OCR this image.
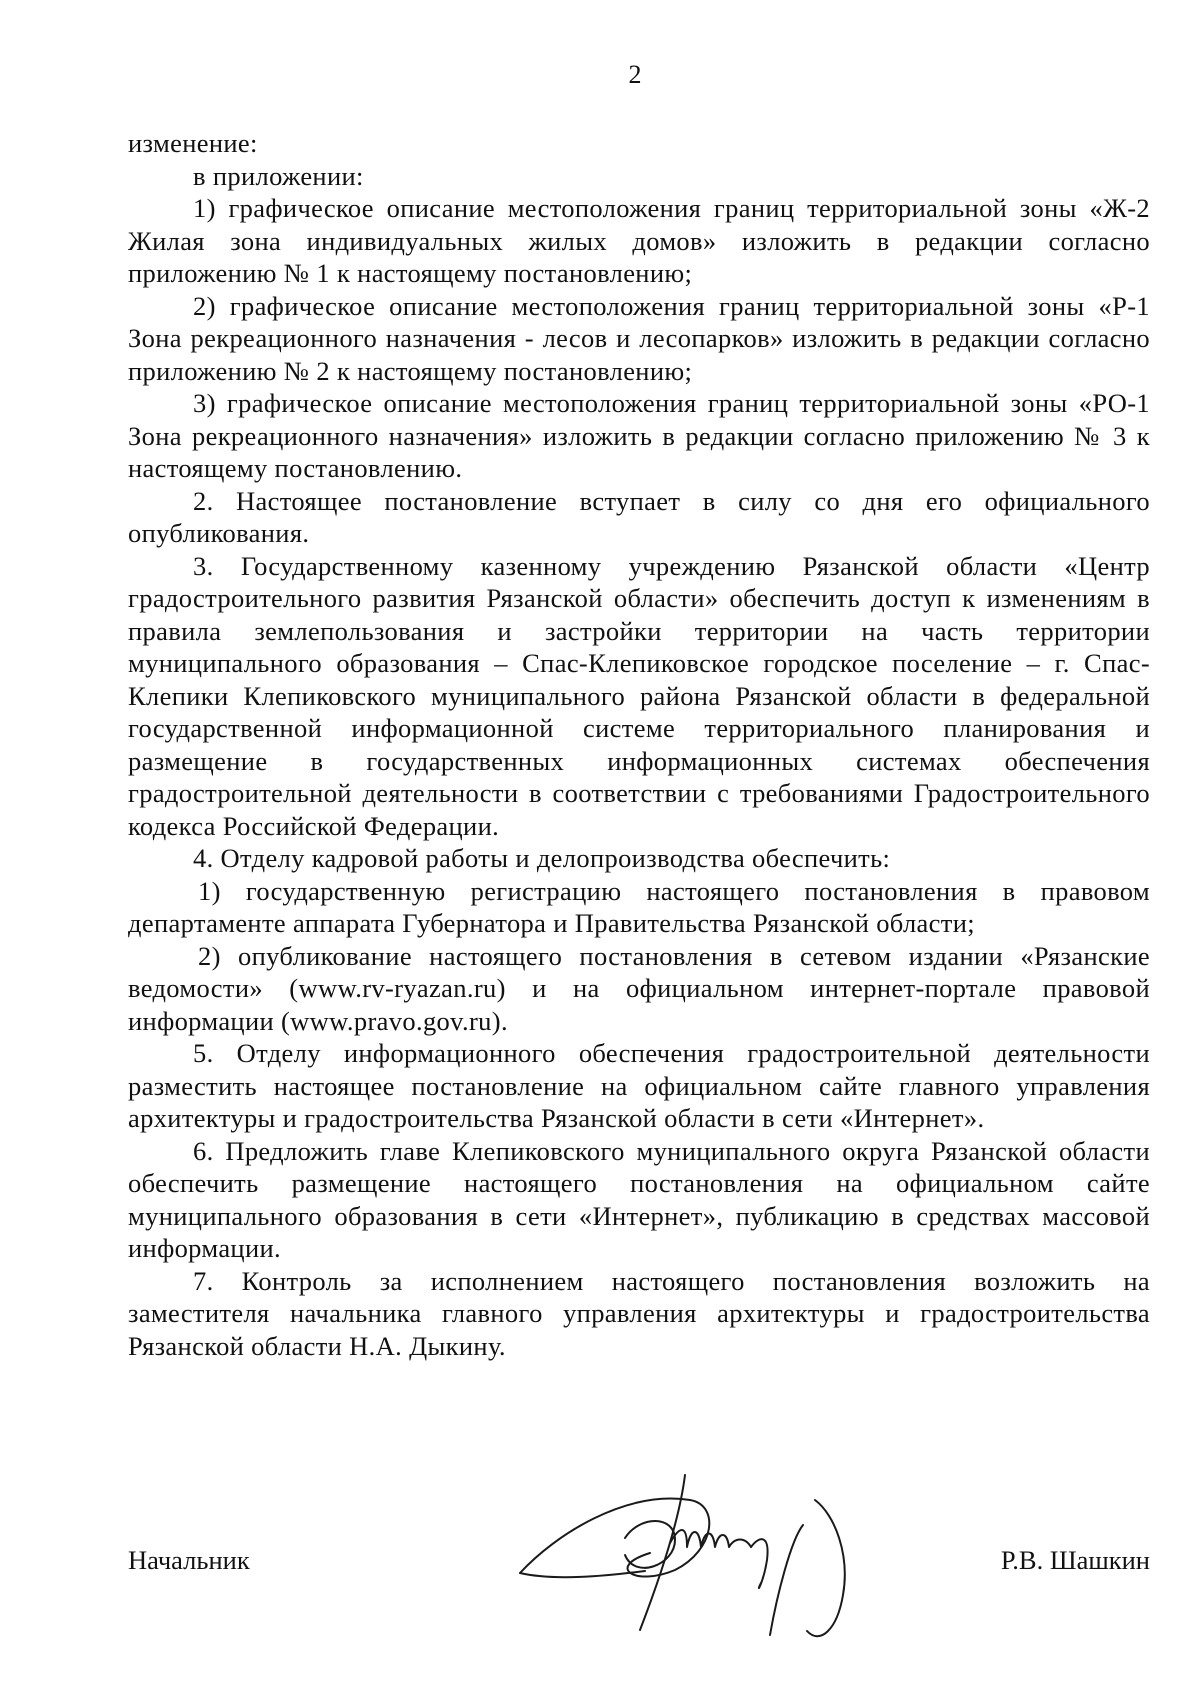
2

изменение:

в приложении:

1) графическое описание местоположения границ территориальной зоны «Ж-2 Жилая зона индивидуальных жилых домов» изложить в редакции согласно приложению № 1 к настоящему постановлению;

2) графическое описание местоположения границ территориальной зоны «Р-1 Зона рекреационного назначения - лесов и лесопарков» изложить в редакции согласно приложению № 2 к настоящему постановлению;

3) графическое описание местоположения границ территориальной зоны «РО-1 Зона рекреационного назначения» изложить в редакции согласно приложению № 3 к настоящему постановлению.

2. Настоящее постановление вступает в силу со дня его официального опубликования.

3. Государственному казенному учреждению Рязанской области «Центр градостроительного развития Рязанской области» обеспечить доступ к изменениям в правила землепользования и застройки территории на часть территории муниципального образования – Спас-Клепиковское городское поселение – г. Спас-Клепики Клепиковского муниципального района Рязанской области в федеральной государственной информационной системе территориального планирования и размещение в государственных информационных системах обеспечения градостроительной деятельности в соответствии с требованиями Градостроительного кодекса Российской Федерации.

4. Отделу кадровой работы и делопроизводства обеспечить:

1) государственную регистрацию настоящего постановления в правовом департаменте аппарата Губернатора и Правительства Рязанской области;

2) опубликование настоящего постановления в сетевом издании «Рязанские ведомости» (www.rv-ryazan.ru) и на официальном интернет-портале правовой информации (www.pravo.gov.ru).

5. Отделу информационного обеспечения градостроительной деятельности разместить настоящее постановление на официальном сайте главного управления архитектуры и градостроительства Рязанской области в сети «Интернет».

6. Предложить главе Клепиковского муниципального округа Рязанской области обеспечить размещение настоящего постановления на официальном сайте муниципального образования в сети «Интернет», публикацию в средствах массовой информации.

7. Контроль за исполнением настоящего постановления возложить на заместителя начальника главного управления архитектуры и градостроительства Рязанской области Н.А. Дыкину.

Начальник	Р.В. Шашкин
